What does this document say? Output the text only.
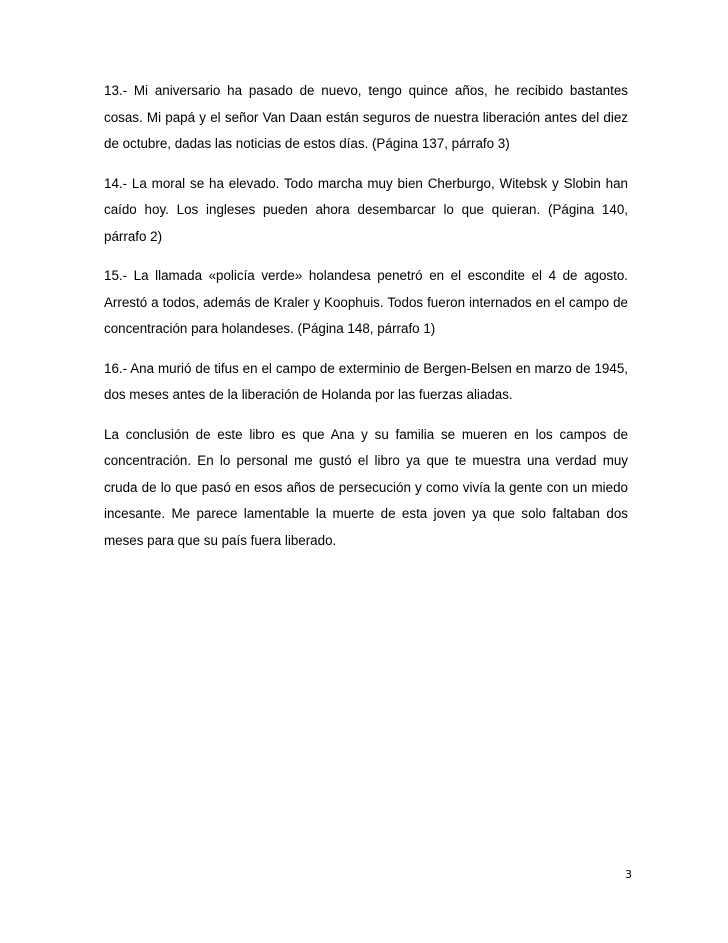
13.- Mi aniversario ha pasado de nuevo, tengo quince años, he recibido bastantes cosas. Mi papá y el señor Van Daan están seguros de nuestra liberación antes del diez de octubre, dadas las noticias de estos días. (Página 137, párrafo 3)

14.- La moral se ha elevado. Todo marcha muy bien Cherburgo, Witebsk y Slobin han caído hoy. Los ingleses pueden ahora desembarcar lo que quieran. (Página 140, párrafo 2)

15.- La llamada «policía verde» holandesa penetró en el escondite el 4 de agosto. Arrestó a todos, además de Kraler y Koophuis. Todos fueron internados en el campo de concentración para holandeses. (Página 148, párrafo 1)

16.- Ana murió de tifus en el campo de exterminio de Bergen-Belsen en marzo de 1945, dos meses antes de la liberación de Holanda por las fuerzas aliadas.

La conclusión de este libro es que Ana y su familia se mueren en los campos de concentración. En lo personal me gustó el libro ya que te muestra una verdad muy cruda de lo que pasó en esos años de persecución y como vivía la gente con un miedo incesante. Me parece lamentable la muerte de esta joven ya que solo faltaban dos meses para que su país fuera liberado.

3
